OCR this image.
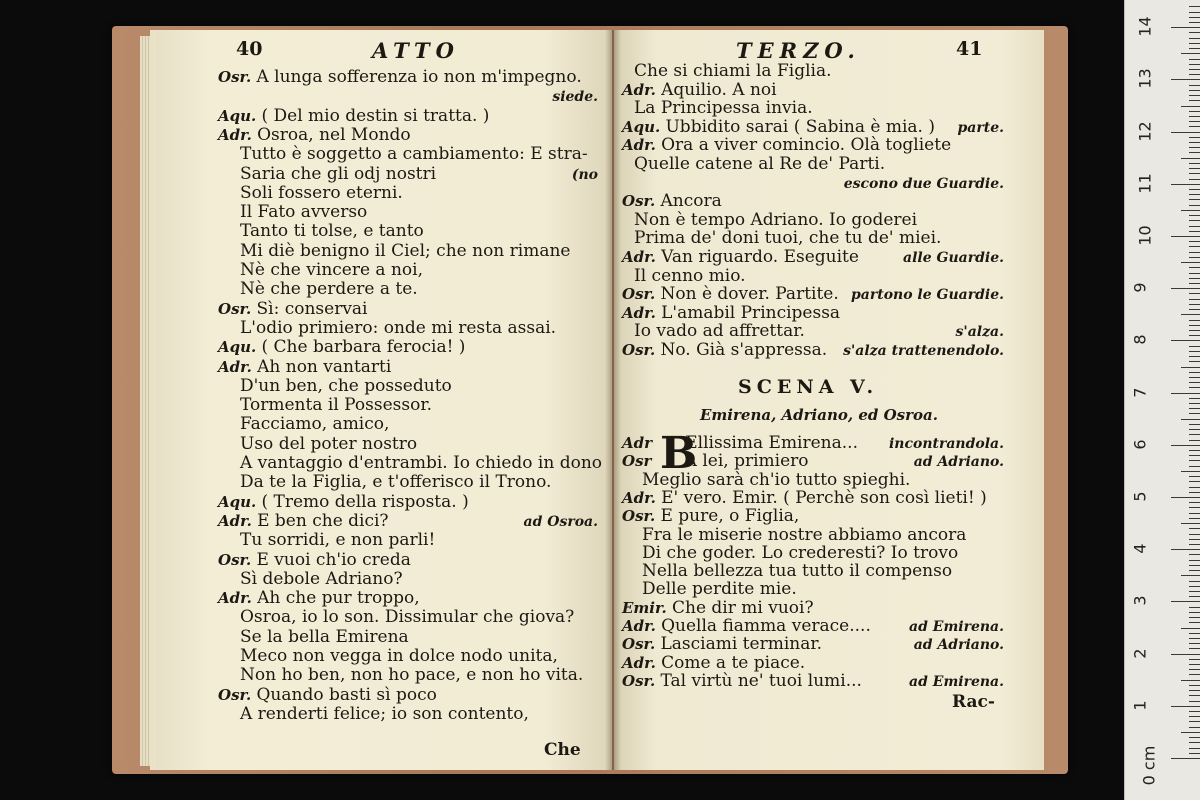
40	ATTO
Osr. A lunga sofferenza io non m'impegno.
siede.
Aqu. ( Del mio destin si tratta. )
Adr. Osroa, nel Mondo
Tutto è soggetto a cambiamento: E stra-
Saria che gli odj nostri	(no
Soli fossero eterni.
Il Fato avverso
Tanto ti tolse, e tanto
Mi diè benigno il Ciel; che non rimane
Nè che vincere a noi,
Nè che perdere a te.
Osr. Sì: conservai
L'odio primiero: onde mi resta assai.
Aqu. ( Che barbara ferocia! )
Adr. Ah non vantarti
D'un ben, che posseduto
Tormenta il Possessor.
Facciamo, amico,
Uso del poter nostro
A vantaggio d'entrambi. Io chiedo in dono
Da te la Figlia, e t'offerisco il Trono.
Aqu. ( Tremo della risposta. )
Adr. E ben che dici?	ad Osroa.
Tu sorridi, e non parli!
Osr. E vuoi ch'io creda
Sì debole Adriano?
Adr. Ah che pur troppo,
Osroa, io lo son. Dissimular che giova?
Se la bella Emirena
Meco non vegga in dolce nodo unita,
Non ho ben, non ho pace, e non ho vita.
Osr. Quando basti sì poco
A renderti felice; io son contento,
Che
TERZO.	41
Che si chiami la Figlia.
Adr. Aquilio. A noi
La Principessa invia.
Aqu. Ubbidito sarai ( Sabina è mia. ) parte.
Adr. Ora a viver comincio. Olà togliete
Quelle catene al Re de' Parti.
escono due Guardie.
Osr. Ancora
Non è tempo Adriano. Io goderei
Prima de' doni tuoi, che tu de' miei.
Adr. Van riguardo. Eseguite	alle Guardie.
Il cenno mio.
Osr. Non è dover. Partite. partono le Guardie.
Adr. L'amabil Principessa
Io vado ad affrettar.	s'alza.
Osr. No. Già s'appressa. s'alza trattenendolo.
SCENA V.
Emirena, Adriano, ed Osroa.
B
Adr Ellissima Emirena... incontrandola.
Osr A lei, primiero	ad Adriano.
Meglio sarà ch'io tutto spieghi.
Adr. E' vero. Emir. ( Perchè son così lieti! )
Osr. E pure, o Figlia,
Fra le miserie nostre abbiamo ancora
Di che goder. Lo crederesti? Io trovo
Nella bellezza tua tutto il compenso
Delle perdite mie.
Emir. Che dir mi vuoi?
Adr. Quella fiamma verace....	ad Emirena.
Osr. Lasciami terminar.	ad Adriano.
Adr. Come a te piace.
Osr. Tal virtù ne' tuoi lumi...	ad Emirena.
Rac-	1
2
3
4
5
6
7
8
9
10
11
12
13
14
0 cm
